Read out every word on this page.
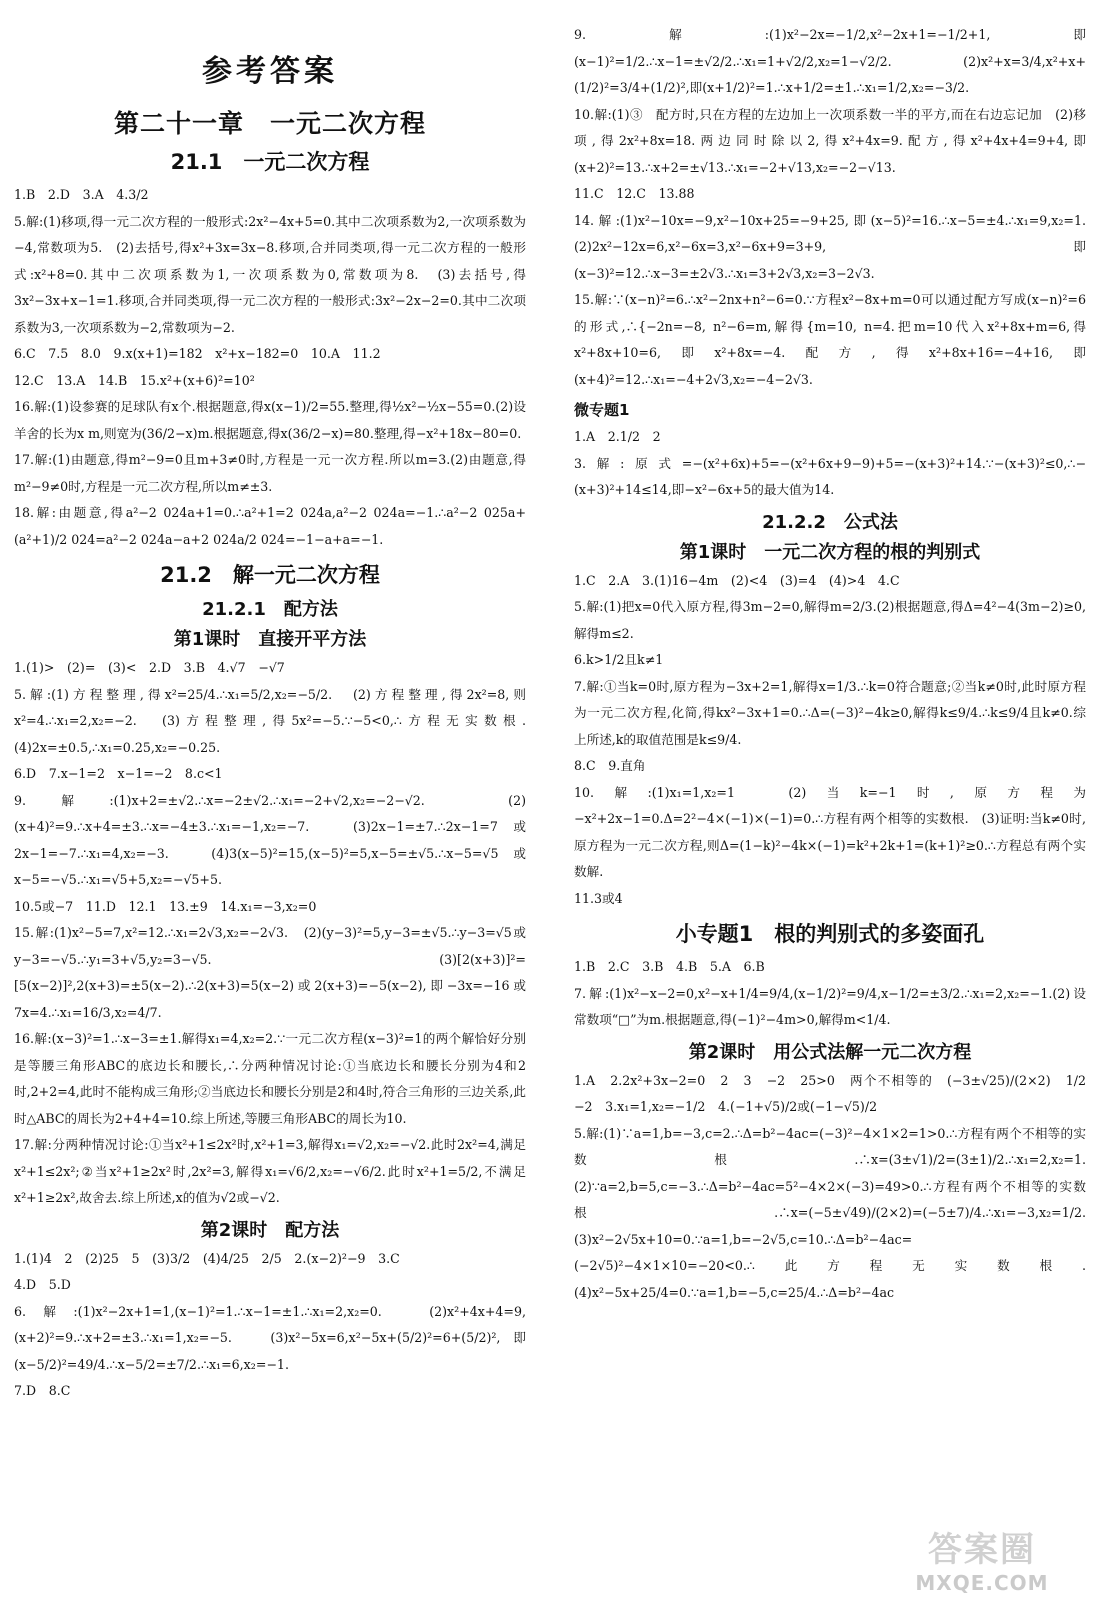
参考答案
第二十一章　一元二次方程
21.1　一元二次方程

1.B　2.D　3.A　4.3/2

5.解:(1)移项,得一元二次方程的一般形式:2x²−4x+5=0.其中二次项系数为2,一次项系数为−4,常数项为5.　(2)去括号,得x²+3x=3x−8.移项,合并同类项,得一元二次方程的一般形式:x²+8=0.其中二次项系数为1,一次项系数为0,常数项为8.　(3)去括号,得3x²−3x+x−1=1.移项,合并同类项,得一元二次方程的一般形式:3x²−2x−2=0.其中二次项系数为3,一次项系数为−2,常数项为−2.

6.C　7.5　8.0　9.x(x+1)=182　x²+x−182=0　10.A　11.2

12.C　13.A　14.B　15.x²+(x+6)²=10²

16.解:(1)设参赛的足球队有x个.根据题意,得x(x−1)/2=55.整理,得½x²−½x−55=0.(2)设羊舍的长为x m,则宽为(36/2−x)m.根据题意,得x(36/2−x)=80.整理,得−x²+18x−80=0.

17.解:(1)由题意,得m²−9=0且m+3≠0时,方程是一元一次方程.所以m=3.(2)由题意,得m²−9≠0时,方程是一元二次方程,所以m≠±3.

18.解:由题意,得a²−2 024a+1=0.∴a²+1=2 024a,a²−2 024a=−1.∴a²−2 025a+(a²+1)/2 024=a²−2 024a−a+2 024a/2 024=−1−a+a=−1.

21.2　解一元二次方程
21.2.1　配方法
第1课时　直接开平方法

1.(1)>　(2)=　(3)<　2.D　3.B　4.√7　−√7

5.解:(1)方程整理,得x²=25/4.∴x₁=5/2,x₂=−5/2.　(2)方程整理,得2x²=8,则x²=4.∴x₁=2,x₂=−2.　(3)方程整理,得5x²=−5.∵−5<0,∴方程无实数根.　(4)2x=±0.5,∴x₁=0.25,x₂=−0.25.

6.D　7.x−1=2　x−1=−2　8.c<1

9.解:(1)x+2=±√2.∴x=−2±√2.∴x₁=−2+√2,x₂=−2−√2.　(2)(x+4)²=9.∴x+4=±3.∴x=−4±3.∴x₁=−1,x₂=−7.　(3)2x−1=±7.∴2x−1=7或2x−1=−7.∴x₁=4,x₂=−3.　(4)3(x−5)²=15,(x−5)²=5,x−5=±√5.∴x−5=√5或x−5=−√5.∴x₁=√5+5,x₂=−√5+5.

10.5或−7　11.D　12.1　13.±9　14.x₁=−3,x₂=0

15.解:(1)x²−5=7,x²=12.∴x₁=2√3,x₂=−2√3.　(2)(y−3)²=5,y−3=±√5.∴y−3=√5或y−3=−√5.∴y₁=3+√5,y₂=3−√5.　(3)[2(x+3)]²=[5(x−2)]²,2(x+3)=±5(x−2).∴2(x+3)=5(x−2)或2(x+3)=−5(x−2),即−3x=−16或7x=4.∴x₁=16/3,x₂=4/7.

16.解:(x−3)²=1.∴x−3=±1.解得x₁=4,x₂=2.∵一元二次方程(x−3)²=1的两个解恰好分别是等腰三角形ABC的底边长和腰长,∴分两种情况讨论:①当底边长和腰长分别为4和2时,2+2=4,此时不能构成三角形;②当底边长和腰长分别是2和4时,符合三角形的三边关系,此时△ABC的周长为2+4+4=10.综上所述,等腰三角形ABC的周长为10.

17.解:分两种情况讨论:①当x²+1≤2x²时,x²+1=3,解得x₁=√2,x₂=−√2.此时2x²=4,满足x²+1≤2x²;②当x²+1≥2x²时,2x²=3,解得x₁=√6/2,x₂=−√6/2.此时x²+1=5/2,不满足x²+1≥2x²,故舍去.综上所述,x的值为√2或−√2.

第2课时　配方法

1.(1)4　2　(2)25　5　(3)3/2　(4)4/25　2/5　2.(x−2)²−9　3.C

4.D　5.D

6.解:(1)x²−2x+1=1,(x−1)²=1.∴x−1=±1.∴x₁=2,x₂=0.　(2)x²+4x+4=9,(x+2)²=9.∴x+2=±3.∴x₁=1,x₂=−5.　(3)x²−5x=6,x²−5x+(5/2)²=6+(5/2)²,即(x−5/2)²=49/4.∴x−5/2=±7/2.∴x₁=6,x₂=−1.

7.D　8.C

9.解:(1)x²−2x=−1/2,x²−2x+1=−1/2+1,即(x−1)²=1/2.∴x−1=±√2/2.∴x₁=1+√2/2,x₂=1−√2/2.　(2)x²+x=3/4,x²+x+(1/2)²=3/4+(1/2)²,即(x+1/2)²=1.∴x+1/2=±1.∴x₁=1/2,x₂=−3/2.

10.解:(1)③　配方时,只在方程的左边加上一次项系数一半的平方,而在右边忘记加　(2)移项,得2x²+8x=18.两边同时除以2,得x²+4x=9.配方,得x²+4x+4=9+4,即(x+2)²=13.∴x+2=±√13.∴x₁=−2+√13,x₂=−2−√13.

11.C　12.C　13.88

14.解:(1)x²−10x=−9,x²−10x+25=−9+25,即(x−5)²=16.∴x−5=±4.∴x₁=9,x₂=1.　(2)2x²−12x=6,x²−6x=3,x²−6x+9=3+9,即(x−3)²=12.∴x−3=±2√3.∴x₁=3+2√3,x₂=3−2√3.

15.解:∵(x−n)²=6.∴x²−2nx+n²−6=0.∵方程x²−8x+m=0可以通过配方写成(x−n)²=6的形式,∴{−2n=−8, n²−6=m,解得{m=10, n=4.把m=10代入x²+8x+m=6,得x²+8x+10=6,即x²+8x=−4.配方,得x²+8x+16=−4+16,即(x+4)²=12.∴x₁=−4+2√3,x₂=−4−2√3.

微专题1

1.A　2.1/2　2

3.解:原式=−(x²+6x)+5=−(x²+6x+9−9)+5=−(x+3)²+14.∵−(x+3)²≤0,∴−(x+3)²+14≤14,即−x²−6x+5的最大值为14.

21.2.2　公式法
第1课时　一元二次方程的根的判别式

1.C　2.A　3.(1)16−4m　(2)<4　(3)=4　(4)>4　4.C

5.解:(1)把x=0代入原方程,得3m−2=0,解得m=2/3.(2)根据题意,得Δ=4²−4(3m−2)≥0,解得m≤2.

6.k>1/2且k≠1

7.解:①当k=0时,原方程为−3x+2=1,解得x=1/3.∴k=0符合题意;②当k≠0时,此时原方程为一元二次方程,化简,得kx²−3x+1=0.∴Δ=(−3)²−4k≥0,解得k≤9/4.∴k≤9/4且k≠0.综上所述,k的取值范围是k≤9/4.

8.C　9.直角

10.解:(1)x₁=1,x₂=1　(2)当k=−1时,原方程为−x²+2x−1=0.Δ=2²−4×(−1)×(−1)=0.∴方程有两个相等的实数根.　(3)证明:当k≠0时,原方程为一元二次方程,则Δ=(1−k)²−4k×(−1)=k²+2k+1=(k+1)²≥0.∴方程总有两个实数解.

11.3或4

小专题1　根的判别式的多姿面孔

1.B　2.C　3.B　4.B　5.A　6.B

7.解:(1)x²−x−2=0,x²−x+1/4=9/4,(x−1/2)²=9/4,x−1/2=±3/2.∴x₁=2,x₂=−1.(2)设常数项“□”为m.根据题意,得(−1)²−4m>0,解得m<1/4.

第2课时　用公式法解一元二次方程

1.A　2.2x²+3x−2=0　2　3　−2　25>0　两个不相等的　(−3±√25)/(2×2)　1/2　−2　3.x₁=1,x₂=−1/2　4.(−1+√5)/2或(−1−√5)/2

5.解:(1)∵a=1,b=−3,c=2.∴Δ=b²−4ac=(−3)²−4×1×2=1>0.∴方程有两个不相等的实数根.∴x=(3±√1)/2=(3±1)/2.∴x₁=2,x₂=1.　(2)∵a=2,b=5,c=−3.∴Δ=b²−4ac=5²−4×2×(−3)=49>0.∴方程有两个不相等的实数根.∴x=(−5±√49)/(2×2)=(−5±7)/4.∴x₁=−3,x₂=1/2.　(3)x²−2√5x+10=0.∵a=1,b=−2√5,c=10.∴Δ=b²−4ac=(−2√5)²−4×1×10=−20<0.∴此方程无实数根.　(4)x²−5x+25/4=0.∵a=1,b=−5,c=25/4.∴Δ=b²−4ac

答案圈
MXQE.COM
